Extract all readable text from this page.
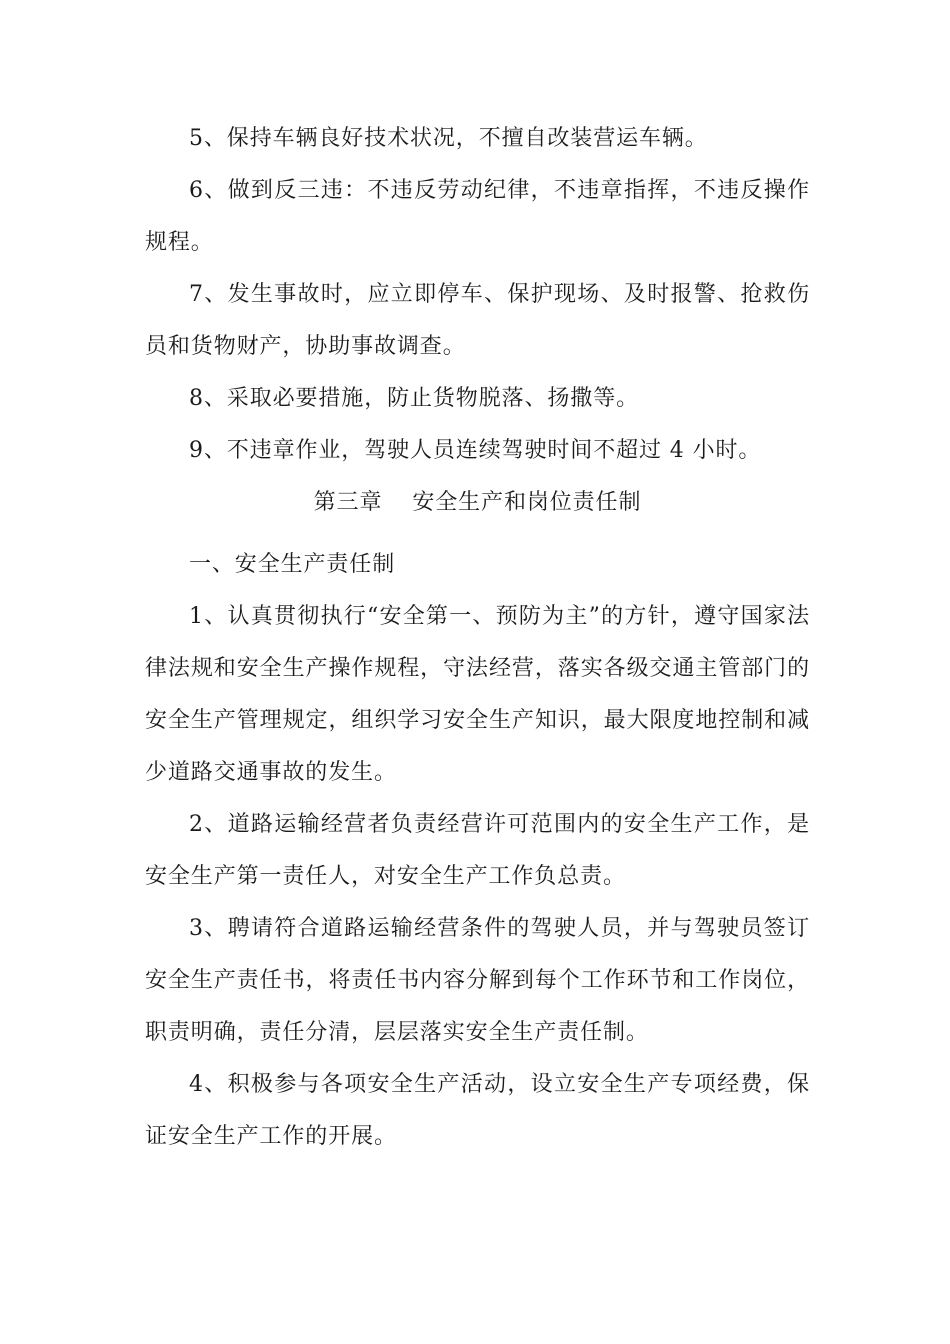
5、保持车辆良好技术状况，不擅自改装营运车辆。

6、做到反三违：不违反劳动纪律，不违章指挥，不违反操作规程。

7、发生事故时，应立即停车、保护现场、及时报警、抢救伤员和货物财产，协助事故调查。

8、采取必要措施，防止货物脱落、扬撒等。

9、不违章作业，驾驶人员连续驾驶时间不超过 4 小时。

第三章 安全生产和岗位责任制

一、安全生产责任制

1、认真贯彻执行“安全第一、预防为主”的方针，遵守国家法律法规和安全生产操作规程，守法经营，落实各级交通主管部门的安全生产管理规定，组织学习安全生产知识，最大限度地控制和减少道路交通事故的发生。

2、道路运输经营者负责经营许可范围内的安全生产工作，是安全生产第一责任人，对安全生产工作负总责。

3、聘请符合道路运输经营条件的驾驶人员，并与驾驶员签订安全生产责任书，将责任书内容分解到每个工作环节和工作岗位，职责明确，责任分清，层层落实安全生产责任制。

4、积极参与各项安全生产活动，设立安全生产专项经费，保证安全生产工作的开展。
